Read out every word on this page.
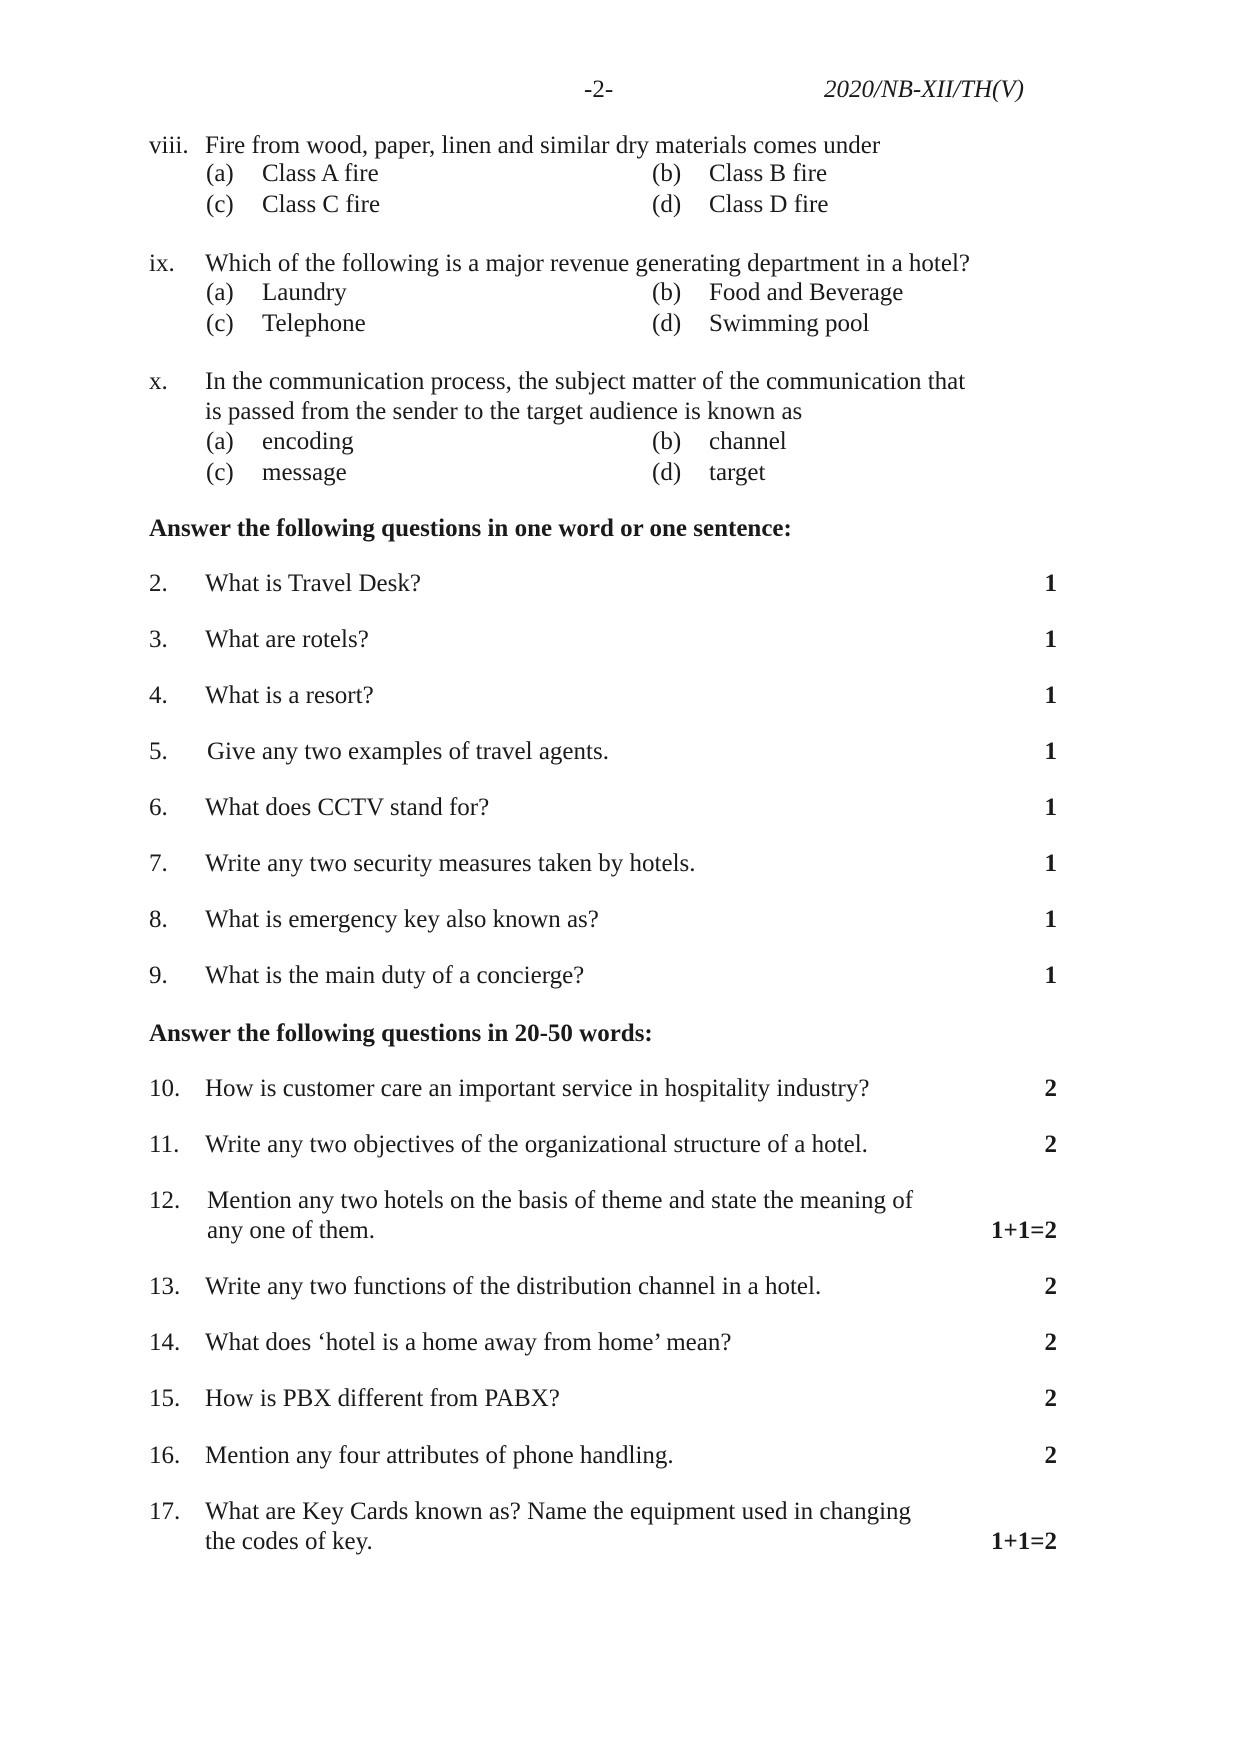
-2-	2020/NB-XII/TH(V)
viii. Fire from wood, paper, linen and similar dry materials comes under
(a) Class A fire	(b) Class B fire
(c) Class C fire	(d) Class D fire
ix. Which of the following is a major revenue generating department in a hotel?
(a) Laundry	(b) Food and Beverage
(c) Telephone	(d) Swimming pool
x. In the communication process, the subject matter of the communication that
is passed from the sender to the target audience is known as
(a) encoding	(b) channel
(c) message	(d) target
Answer the following questions in one word or one sentence:
2. What is Travel Desk?	1
3. What are rotels?	1
4. What is a resort?	1
5. Give any two examples of travel agents.	1
6. What does CCTV stand for?	1
7. Write any two security measures taken by hotels.	1
8. What is emergency key also known as?	1
9. What is the main duty of a concierge?	1
Answer the following questions in 20-50 words:
10. How is customer care an important service in hospitality industry?	2
11. Write any two objectives of the organizational structure of a hotel.	2
12. Mention any two hotels on the basis of theme and state the meaning of
any one of them.	1+1=2
13. Write any two functions of the distribution channel in a hotel.	2
14. What does ‘hotel is a home away from home’ mean?	2
15. How is PBX different from PABX?	2
16. Mention any four attributes of phone handling.	2
17. What are Key Cards known as? Name the equipment used in changing
the codes of key.	1+1=2
